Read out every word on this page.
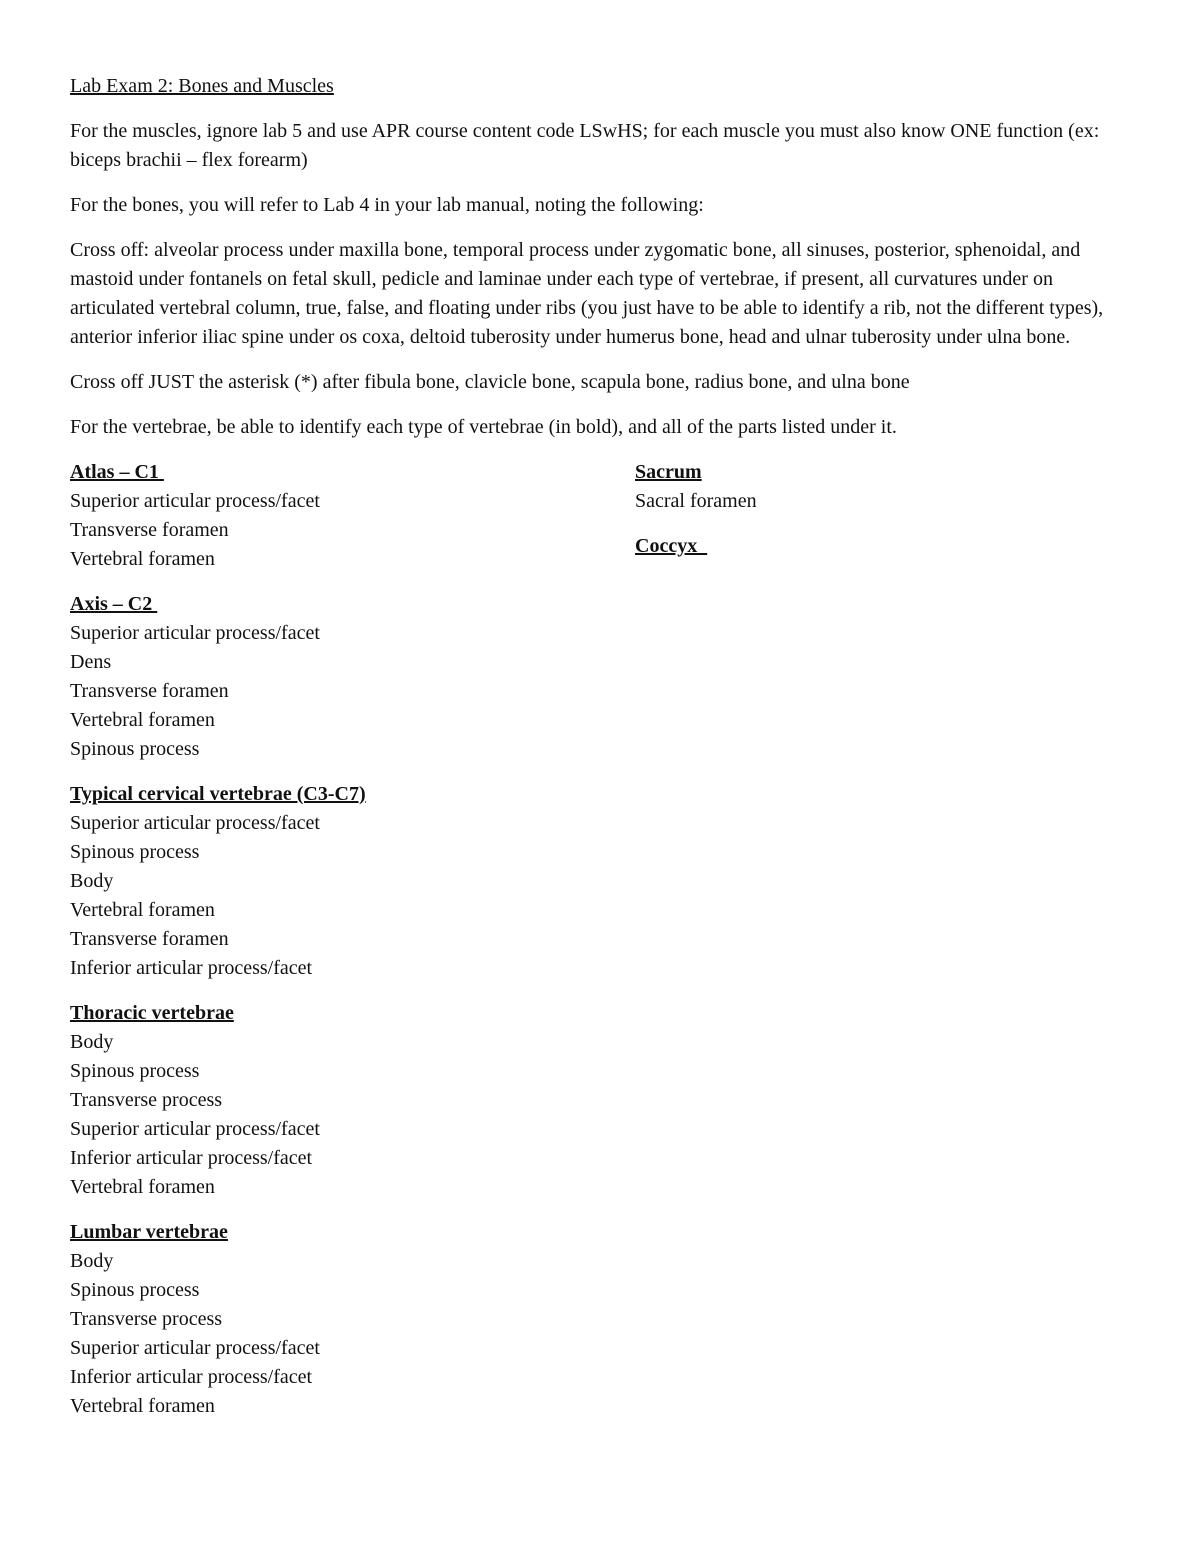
Lab Exam 2: Bones and Muscles
For the muscles, ignore lab 5 and use APR course content code LSwHS; for each muscle you must also know ONE function (ex: biceps brachii – flex forearm)
For the bones, you will refer to Lab 4 in your lab manual, noting the following:
Cross off: alveolar process under maxilla bone, temporal process under zygomatic bone, all sinuses, posterior, sphenoidal, and mastoid under fontanels on fetal skull, pedicle and laminae under each type of vertebrae, if present, all curvatures under on articulated vertebral column, true, false, and floating under ribs (you just have to be able to identify a rib, not the different types), anterior inferior iliac spine under os coxa, deltoid tuberosity under humerus bone, head and ulnar tuberosity under ulna bone.
Cross off JUST the asterisk (*) after fibula bone, clavicle bone, scapula bone, radius bone, and ulna bone
For the vertebrae, be able to identify each type of vertebrae (in bold), and all of the parts listed under it.
Atlas – C1
Superior articular process/facet
Transverse foramen
Vertebral foramen
Axis – C2
Superior articular process/facet
Dens
Transverse foramen
Vertebral foramen
Spinous process
Typical cervical vertebrae (C3-C7)
Superior articular process/facet
Spinous process
Body
Vertebral foramen
Transverse foramen
Inferior articular process/facet
Thoracic vertebrae
Body
Spinous process
Transverse process
Superior articular process/facet
Inferior articular process/facet
Vertebral foramen
Lumbar vertebrae
Body
Spinous process
Transverse process
Superior articular process/facet
Inferior articular process/facet
Vertebral foramen
Sacrum
Sacral foramen
Coccyx
